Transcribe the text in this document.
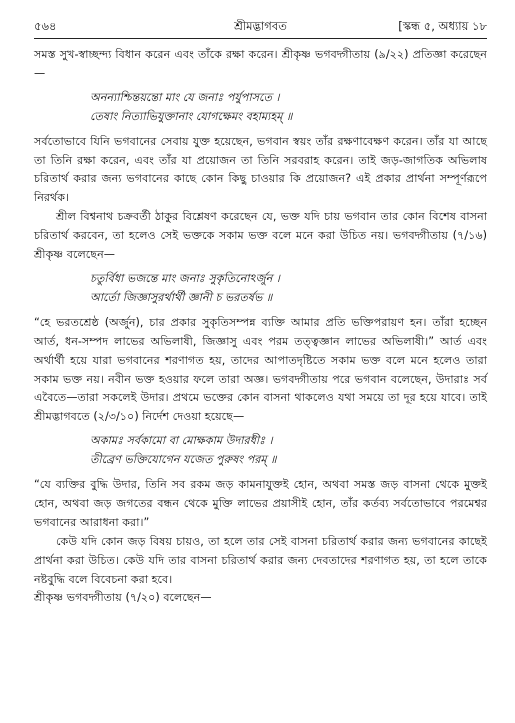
৫৬৪	শ্রীমদ্ভাগবত	[স্কন্ধ ৫, অধ্যায় ১৮

সমস্ত সুখ-স্বাচ্ছন্দ্য বিধান করেন এবং তাঁকে রক্ষা করেন। শ্রীকৃষ্ণ ভগবদ্গীতায় (৯/২২) প্রতিজ্ঞা করেছেন—

অনন্যাশ্চিন্তয়ন্তো মাং যে জনাঃ পর্যুপাসতে ।
তেষাং নিত্যাভিযুক্তানাং যোগক্ষেমং বহাম্যহম্ ॥

সর্বতোভাবে যিনি ভগবানের সেবায় যুক্ত হয়েছেন, ভগবান স্বয়ং তাঁর রক্ষণাবেক্ষণ করেন। তাঁর যা আছে তা তিনি রক্ষা করেন, এবং তাঁর যা প্রয়োজন তা তিনি সরবরাহ করেন। তাই জড়-জাগতিক অভিলাষ চরিতার্থ করার জন্য ভগবানের কাছে কোন কিছু চাওয়ার কি প্রয়োজন? এই প্রকার প্রার্থনা সম্পূর্ণরূপে নিরর্থক।

শ্রীল বিশ্বনাথ চক্রবর্তী ঠাকুর বিশ্লেষণ করেছেন যে, ভক্ত যদি চায় ভগবান তার কোন বিশেষ বাসনা চরিতার্থ করবেন, তা হলেও সেই ভক্তকে সকাম ভক্ত বলে মনে করা উচিত নয়। ভগবদ্গীতায় (৭/১৬) শ্রীকৃষ্ণ বলেছেন—

চতুর্বিধা ভজন্তে মাং জনাঃ সুকৃতিনোঽর্জুন ।
আর্তো জিজ্ঞাসুরর্থার্থী জ্ঞানী চ ভরতর্ষভ ॥

“হে ভরতশ্রেষ্ঠ (অর্জুন), চার প্রকার সুকৃতিসম্পন্ন ব্যক্তি আমার প্রতি ভক্তিপরায়ণ হন। তাঁরা হচ্ছেন আর্ত, ধন-সম্পদ লাভের অভিলাষী, জিজ্ঞাসু এবং পরম তত্ত্বজ্ঞান লাভের অভিলাষী।” আর্ত এবং অর্থার্থী হয়ে যারা ভগবানের শরণাগত হয়, তাদের আপাতদৃষ্টিতে সকাম ভক্ত বলে মনে হলেও তারা সকাম ভক্ত নয়। নবীন ভক্ত হওয়ার ফলে তারা অজ্ঞ। ভগবদ্গীতায় পরে ভগবান বলেছেন, উদারাঃ সর্ব এবৈতে—তারা সকলেই উদার। প্রথমে ভক্তের কোন বাসনা থাকলেও যথা সময়ে তা দূর হয়ে যাবে। তাই শ্রীমদ্ভাগবতে (২/৩/১০) নির্দেশ দেওয়া হয়েছে—

অকামঃ সর্বকামো বা মোক্ষকাম উদারধীঃ ।
তীব্রেণ ভক্তিযোগেন যজেত পুরুষং পরম্ ॥

“যে ব্যক্তির বুদ্ধি উদার, তিনি সব রকম জড় কামনাযুক্তই হোন, অথবা সমস্ত জড় বাসনা থেকে মুক্তই হোন, অথবা জড় জগতের বন্ধন থেকে মুক্তি লাভের প্রয়াসীই হোন, তাঁর কর্তব্য সর্বতোভাবে পরমেশ্বর ভগবানের আরাধনা করা।”

কেউ যদি কোন জড় বিষয় চায়ও, তা হলে তার সেই বাসনা চরিতার্থ করার জন্য ভগবানের কাছেই প্রার্থনা করা উচিত। কেউ যদি তার বাসনা চরিতার্থ করার জন্য দেবতাদের শরণাগত হয়, তা হলে তাকে নষ্টবুদ্ধি বলে বিবেচনা করা হবে।

শ্রীকৃষ্ণ ভগবদ্গীতায় (৭/২০) বলেছেন—
